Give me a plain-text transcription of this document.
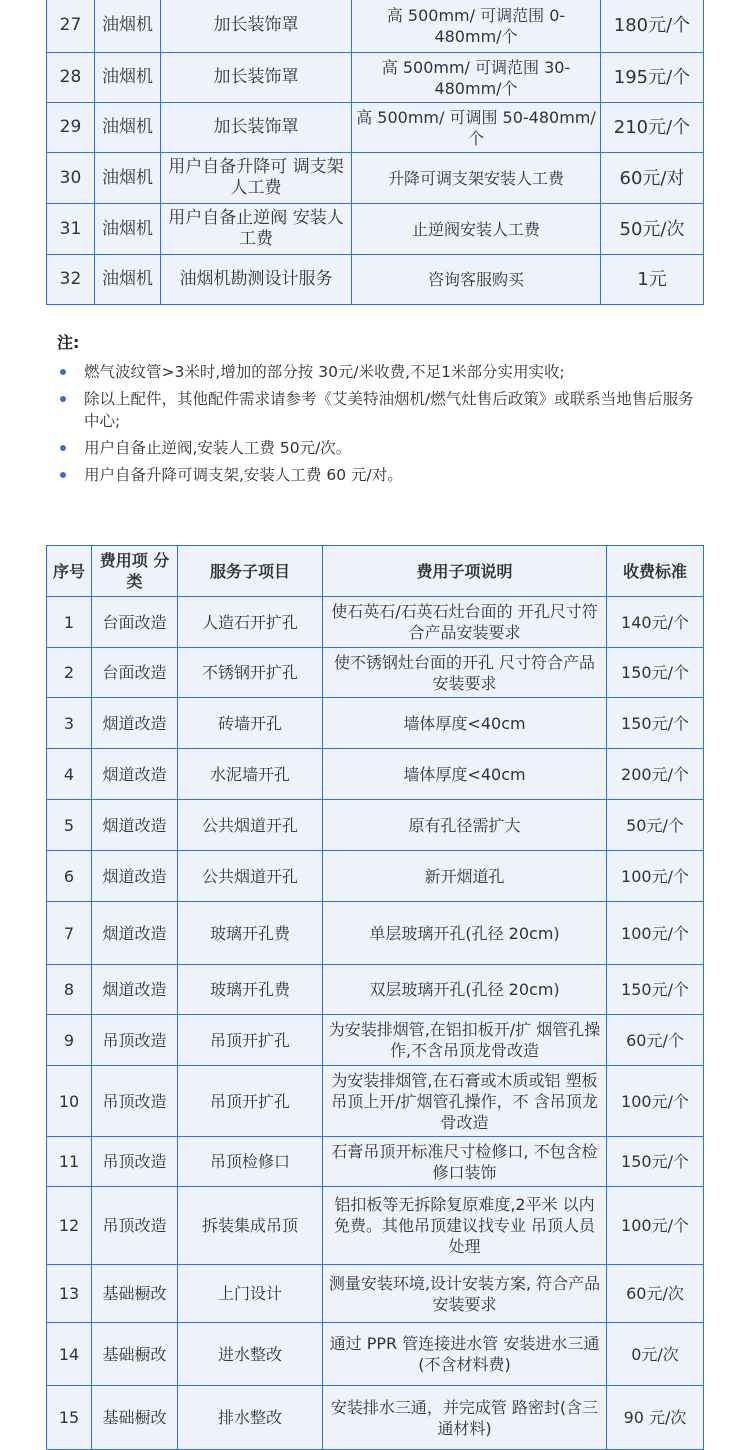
27	油烟机	加长装饰罩	高 500mm/ 可调范围 0-480mm/个	180元/个
28	油烟机	加长装饰罩	高 500mm/ 可调范围 30-480mm/个	195元/个
29	油烟机	加长装饰罩	高 500mm/ 可调围 50-480mm/个	210元/个
30	油烟机	用户自备升降可 调支架人工费	升降可调支架安装人工费	60元/对
31	油烟机	用户自备止逆阀 安装人工费	止逆阀安装人工费	50元/次
32	油烟机	油烟机勘测设计服务	咨询客服购买	1元
注:
燃气波纹管>3米时,增加的部分按 30元/米收费,不足1米部分实用实收;
除以上配件，其他配件需求请参考《艾美特油烟机/燃气灶售后政策》或联系当地售后服务中心;
用户自备止逆阀,安装人工费 50元/次。
用户自备升降可调支架,安装人工费 60 元/对。
序号	费用项 分类	服务子项目	费用子项说明	收费标准
1	台面改造	人造石开扩孔	使石英石/石英石灶台面的 开孔尺寸符合产品安装要求	140元/个
2	台面改造	不锈钢开扩孔	使不锈钢灶台面的开孔 尺寸符合产品安装要求	150元/个
3	烟道改造	砖墙开孔	墙体厚度<40cm	150元/个
4	烟道改造	水泥墙开孔	墙体厚度<40cm	200元/个
5	烟道改造	公共烟道开孔	原有孔径需扩大	50元/个
6	烟道改造	公共烟道开孔	新开烟道孔	100元/个
7	烟道改造	玻璃开孔费	单层玻璃开孔(孔径 20cm)	100元/个
8	烟道改造	玻璃开孔费	双层玻璃开孔(孔径 20cm)	150元/个
9	吊顶改造	吊顶开扩孔	为安装排烟管,在铝扣板开/扩 烟管孔操作,不含吊顶龙骨改造	60元/个
10	吊顶改造	吊顶开扩孔	为安装排烟管,在石膏或木质或铝 塑板吊顶上开/扩烟管孔操作，不 含吊顶龙骨改造	100元/个
11	吊顶改造	吊顶检修口	石膏吊顶开标准尺寸检修口, 不包含检修口装饰	150元/个
12	吊顶改造	拆装集成吊顶	铝扣板等无拆除复原难度,2平米 以内免费。其他吊顶建议找专业 吊顶人员处理	100元/个
13	基础橱改	上门设计	测量安装环境,设计安装方案, 符合产品安装要求	60元/次
14	基础橱改	进水整改	通过 PPR 管连接进水管 安装进水三通(不含材料费)	0元/次
15	基础橱改	排水整改	安装排水三通，并完成管 路密封(含三通材料)	90 元/次
